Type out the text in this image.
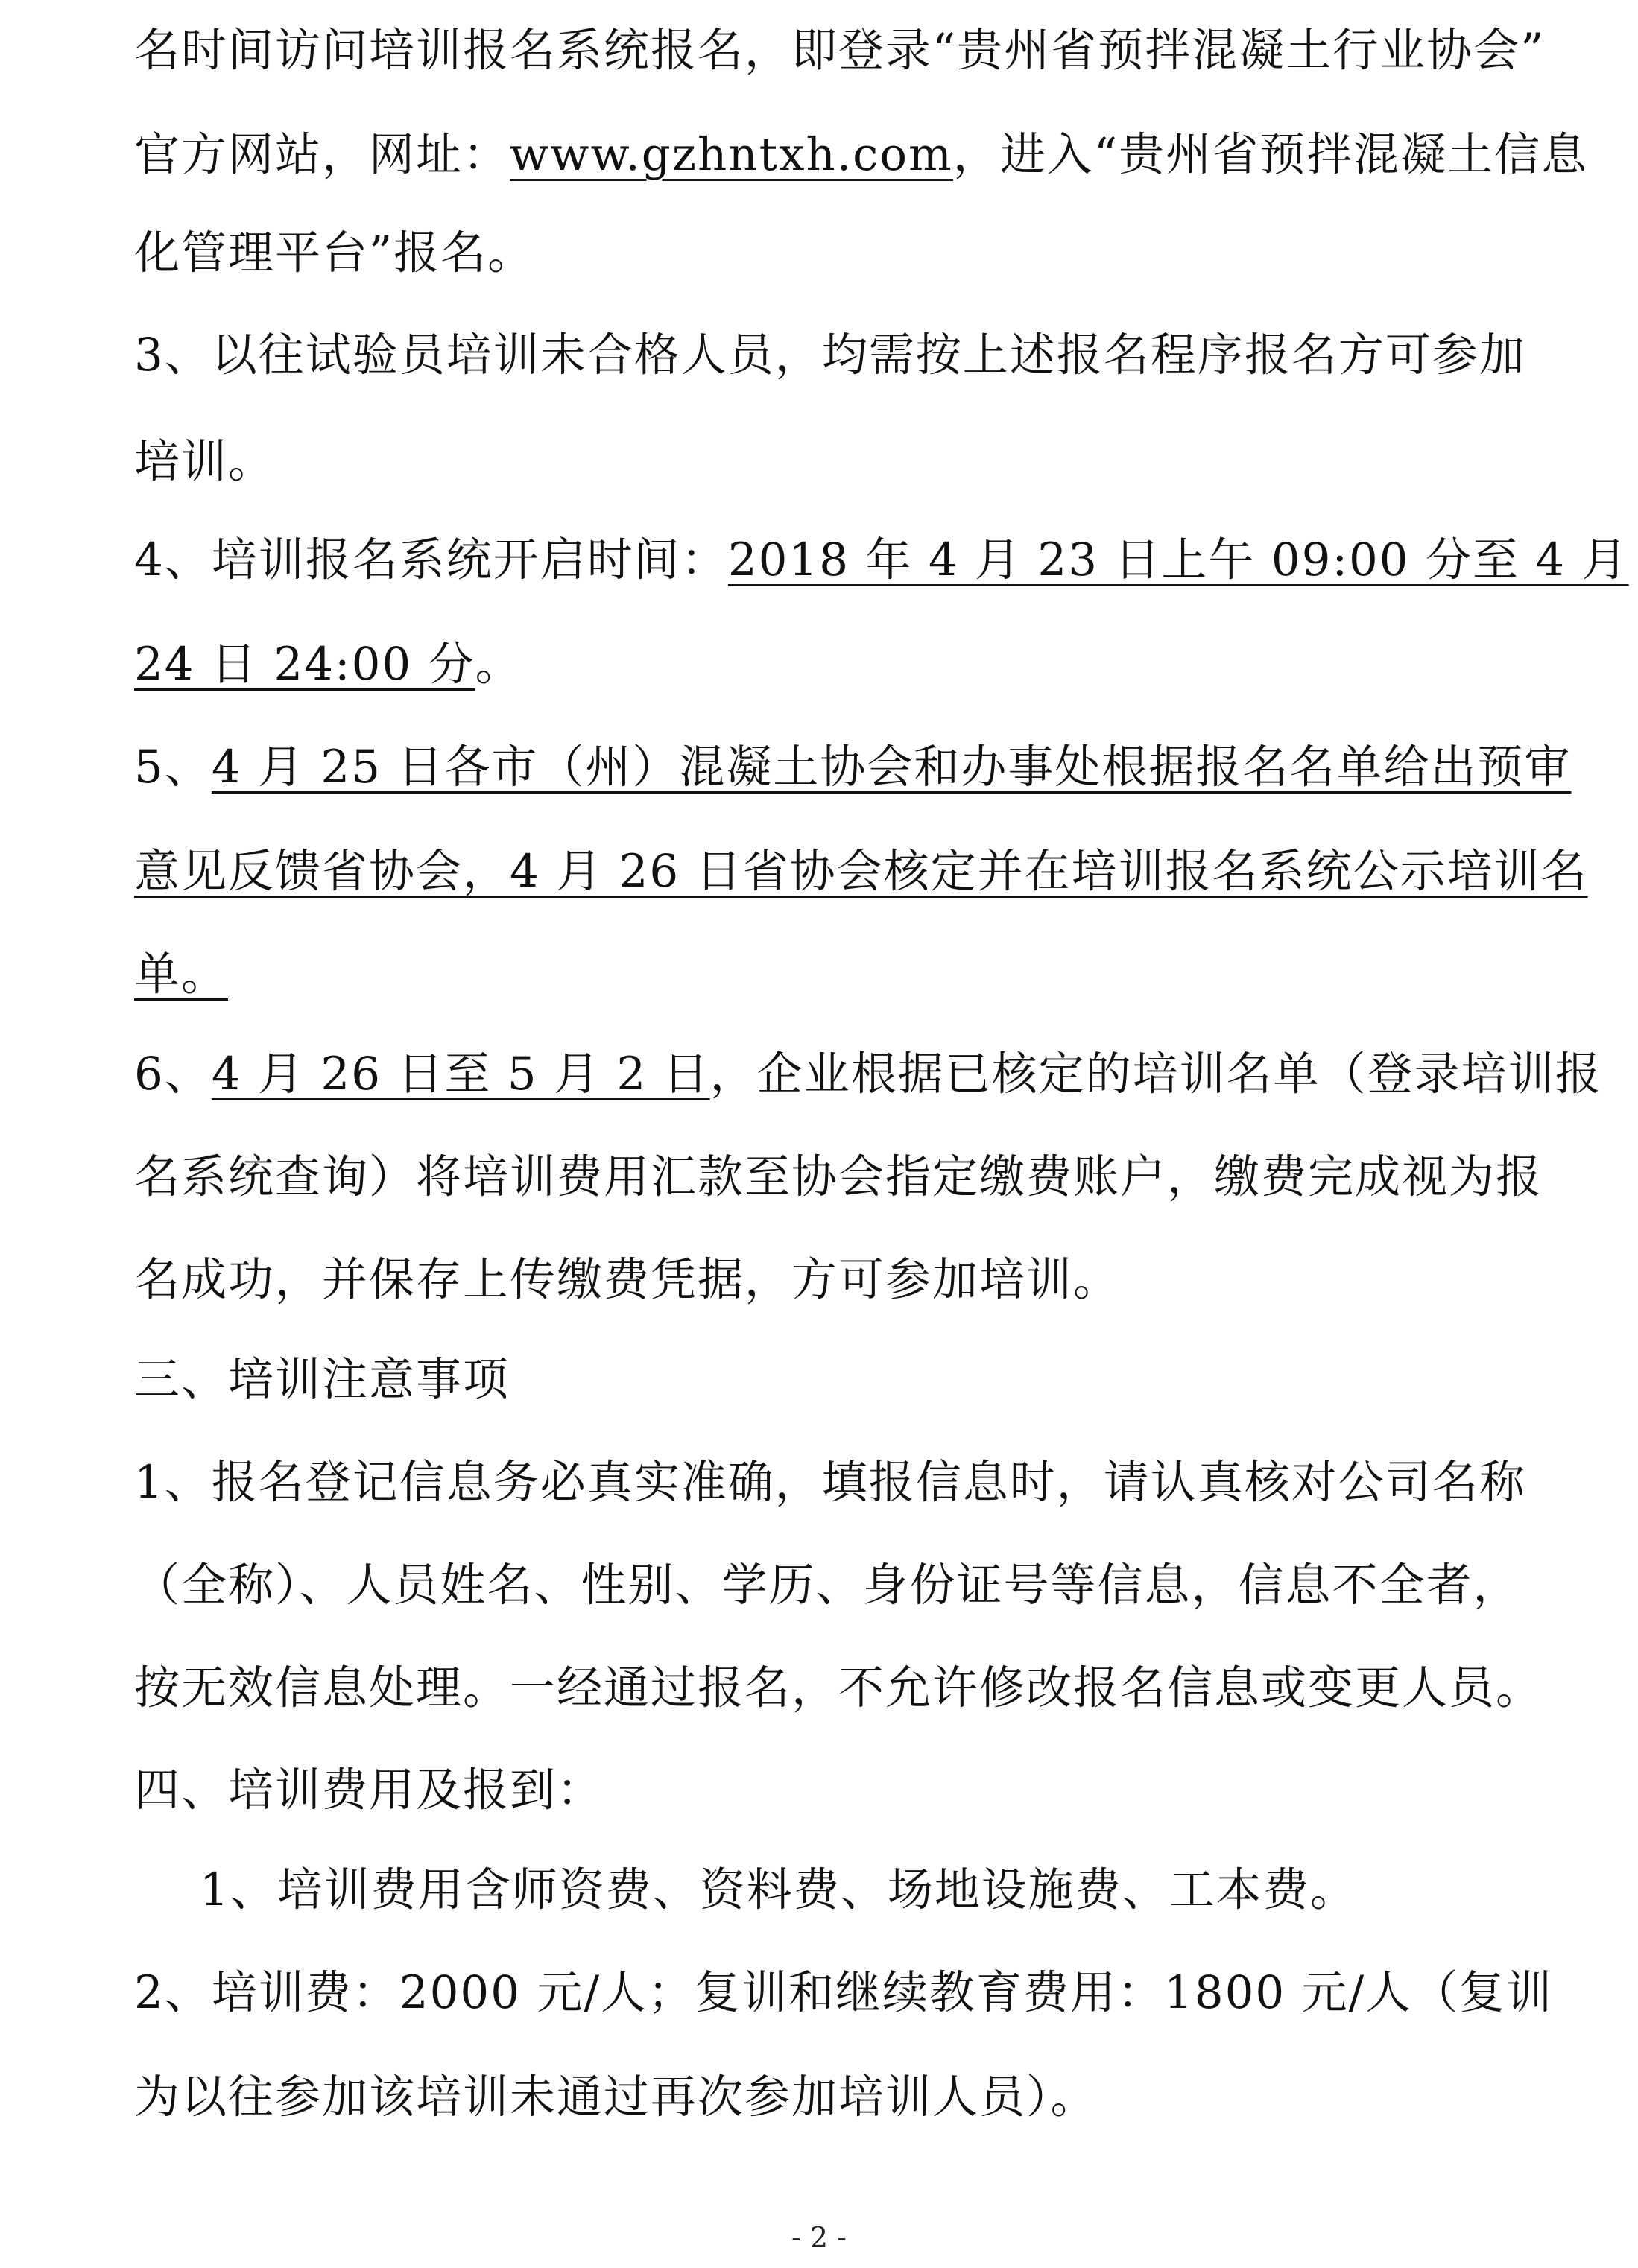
名时间访问培训报名系统报名，即登录“贵州省预拌混凝土行业协会”
官方网站，网址：www.gzhntxh.com，进入“贵州省预拌混凝土信息
化管理平台”报名。
3、以往试验员培训未合格人员，均需按上述报名程序报名方可参加
培训。
4、培训报名系统开启时间：2018 年 4 月 23 日上午 09:00 分至 4 月
24 日 24:00 分。
5、4 月 25 日各市（州）混凝土协会和办事处根据报名名单给出预审
意见反馈省协会，4 月 26 日省协会核定并在培训报名系统公示培训名
单。
6、4 月 26 日至 5 月 2 日，企业根据已核定的培训名单（登录培训报
名系统查询）将培训费用汇款至协会指定缴费账户，缴费完成视为报
名成功，并保存上传缴费凭据，方可参加培训。
三、培训注意事项
1、报名登记信息务必真实准确，填报信息时，请认真核对公司名称
（全称）、人员姓名、性别、学历、身份证号等信息，信息不全者，
按无效信息处理。一经通过报名，不允许修改报名信息或变更人员。
四、培训费用及报到：
1、培训费用含师资费、资料费、场地设施费、工本费。
2、培训费：2000 元/人；复训和继续教育费用：1800 元/人（复训
为以往参加该培训未通过再次参加培训人员）。
- 2 -
